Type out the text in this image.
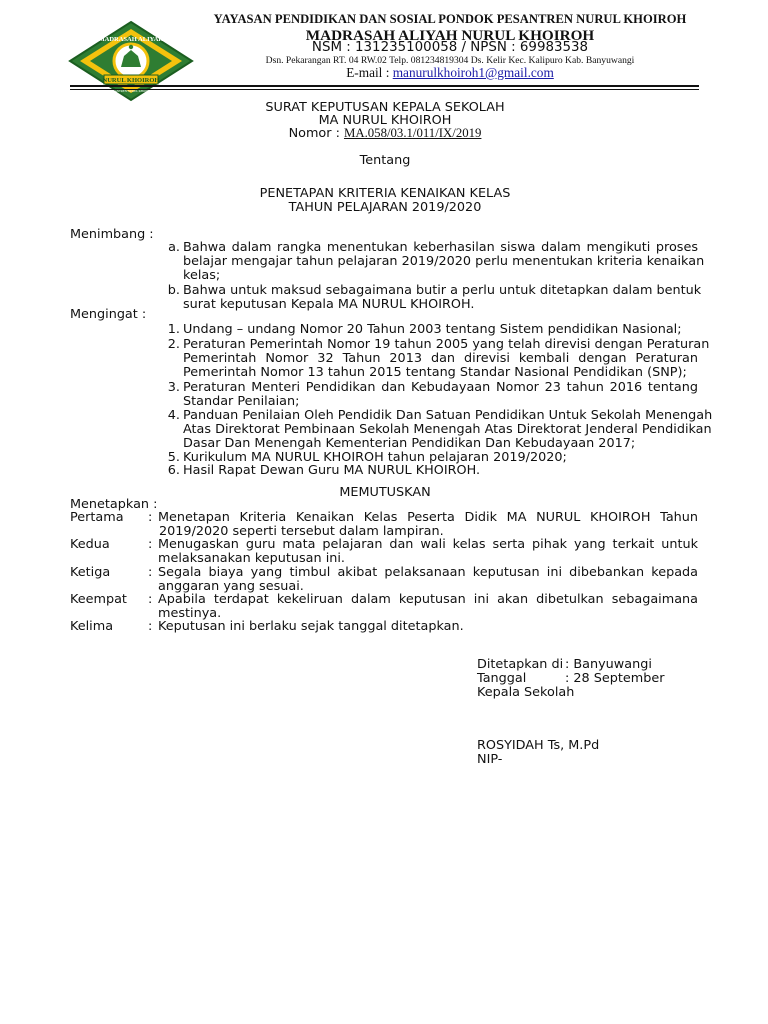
MADRASAH ALIYAH
NURUL KHOIROH
PESANTREN NURUL KHOIROH
YAYASAN PENDIDIKAN DAN SOSIAL PONDOK PESANTREN NURUL KHOIROH
MADRASAH ALIYAH NURUL KHOIROH
NSM : 131235100058 / NPSN : 69983538
Dsn. Pekarangan RT. 04 RW.02 Telp. 081234819304 Ds. Kelir Kec. Kalipuro Kab. Banyuwangi
E-mail : manurulkhoiroh1@gmail.com
SURAT KEPUTUSAN KEPALA SEKOLAH
MA NURUL KHOIROH
Nomor : MA.058/03.1/011/IX/2019
Tentang
PENETAPAN KRITERIA KENAIKAN KELAS
TAHUN PELAJARAN 2019/2020
Menimbang :
a. Bahwa dalam rangka menentukan keberhasilan siswa dalam mengikuti proses
belajar mengajar tahun pelajaran 2019/2020 perlu menentukan kriteria kenaikan
kelas;
b. Bahwa untuk maksud sebagaimana butir a perlu untuk ditetapkan dalam bentuk
surat keputusan Kepala MA NURUL KHOIROH.
Mengingat :
1. Undang – undang Nomor 20 Tahun 2003 tentang Sistem pendidikan Nasional;
2. Peraturan Pemerintah Nomor 19 tahun 2005 yang telah direvisi dengan Peraturan
Pemerintah Nomor 32 Tahun 2013 dan direvisi kembali dengan Peraturan
Pemerintah Nomor 13 tahun 2015 tentang Standar Nasional Pendidikan (SNP);
3. Peraturan Menteri Pendidikan dan Kebudayaan Nomor 23 tahun 2016 tentang
Standar Penilaian;
4. Panduan Penilaian Oleh Pendidik Dan Satuan Pendidikan Untuk Sekolah Menengah
Atas Direktorat Pembinaan Sekolah Menengah Atas Direktorat Jenderal Pendidikan
Dasar Dan Menengah Kementerian Pendidikan Dan Kebudayaan 2017;
5. Kurikulum MA NURUL KHOIROH tahun pelajaran 2019/2020;
6. Hasil Rapat Dewan Guru MA NURUL KHOIROH.
MEMUTUSKAN
Menetapkan :
Pertama	: Menetapan Kriteria Kenaikan Kelas Peserta Didik MA NURUL KHOIROH Tahun
2019/2020 seperti tersebut dalam lampiran.
Kedua	: Menugaskan guru mata pelajaran dan wali kelas serta pihak yang terkait untuk
melaksanakan keputusan ini.
Ketiga	: Segala biaya yang timbul akibat pelaksanaan keputusan ini dibebankan kepada
anggaran yang sesuai.
Keempat	: Apabila terdapat kekeliruan dalam keputusan ini akan dibetulkan sebagaimana
mestinya.
Kelima	: Keputusan ini berlaku sejak tanggal ditetapkan.
Ditetapkan di : Banyuwangi
Tanggal	: 28 September
Kepala Sekolah
ROSYIDAH Ts, M.Pd
NIP-
